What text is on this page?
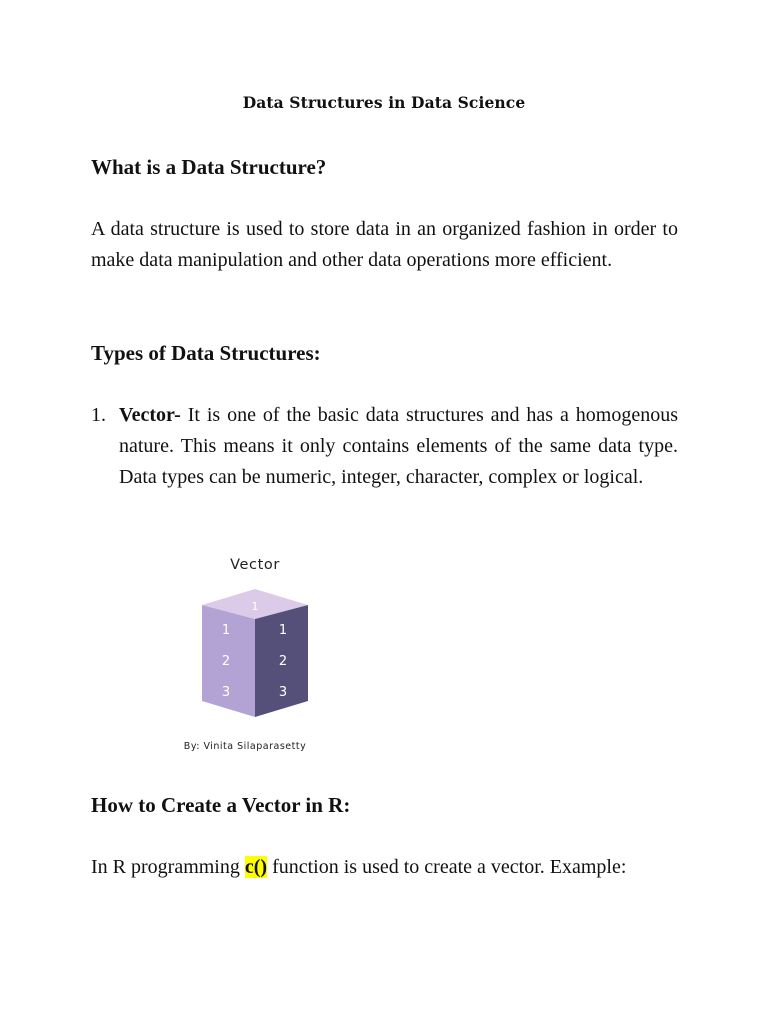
Data Structures in Data Science
What is a Data Structure?
A data structure is used to store data in an organized fashion in order to make data manipulation and other data operations more efficient.
Types of Data Structures:
1. Vector- It is one of the basic data structures and has a homogenous nature. This means it only contains elements of the same data type. Data types can be numeric, integer, character, complex or logical.
Vector
1
1
2
3
1
2
3
By: Vinita Silaparasetty
How to Create a Vector in R:
In R programming c() function is used to create a vector. Example:
